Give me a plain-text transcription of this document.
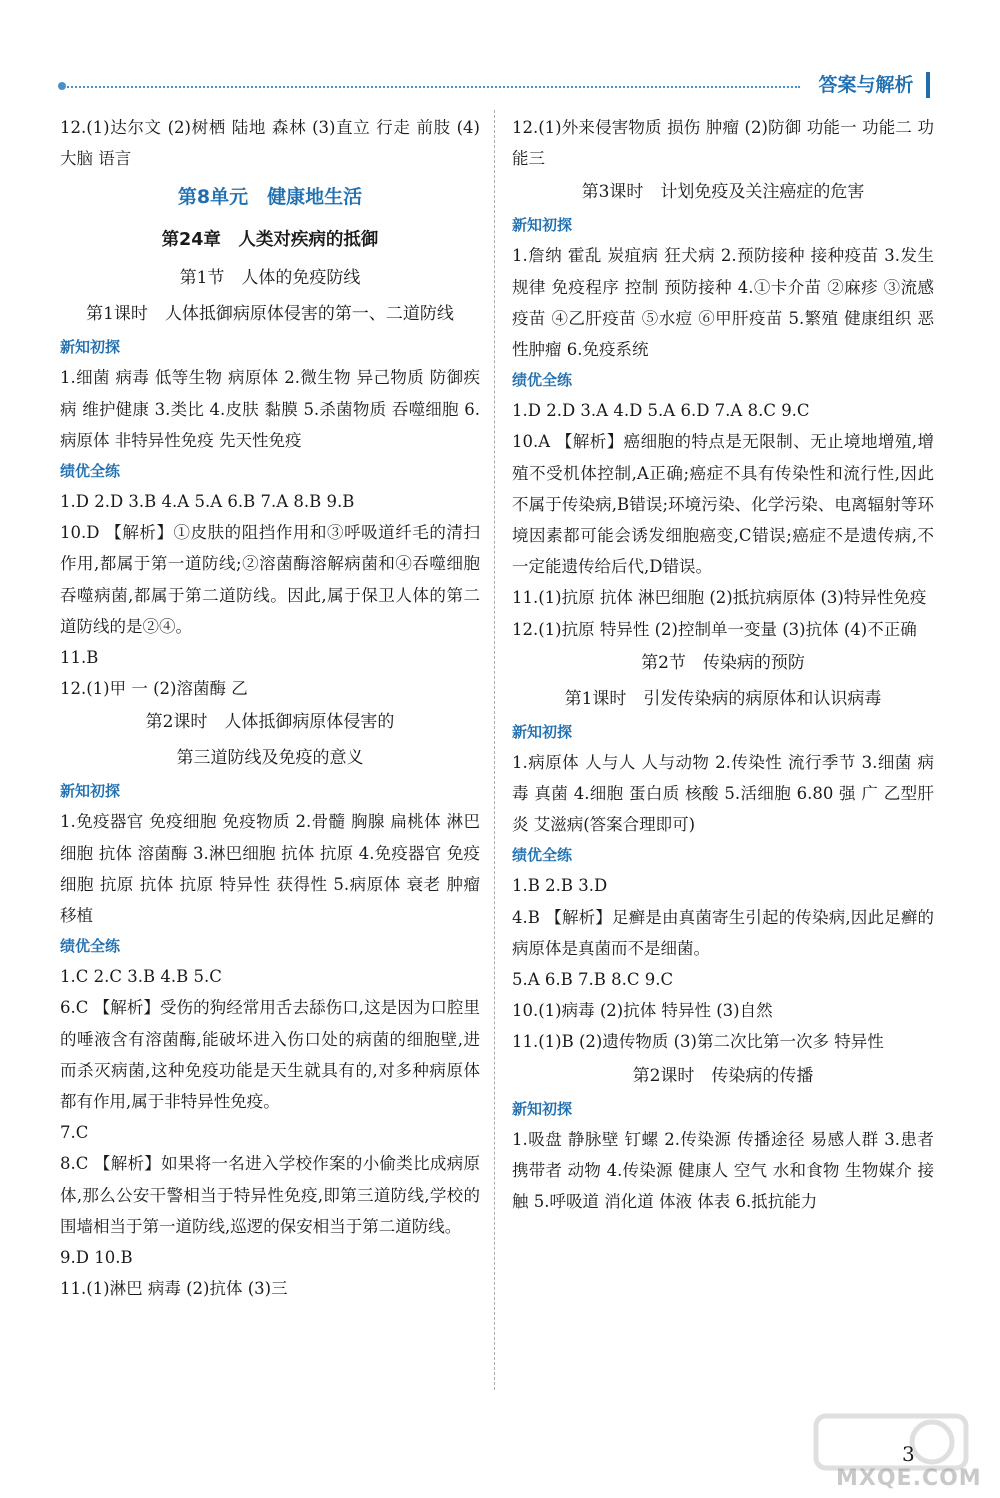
答案与解析
12.(1)达尔文 (2)树栖 陆地 森林 (3)直立 行走 前肢 (4)大脑 语言
第8单元　健康地生活
第24章　人类对疾病的抵御
第1节　人体的免疫防线
第1课时　人体抵御病原体侵害的第一、二道防线
新知初探
1.细菌 病毒 低等生物 病原体 2.微生物 异己物质 防御疾病 维护健康 3.类比 4.皮肤 黏膜 5.杀菌物质 吞噬细胞 6.病原体 非特异性免疫 先天性免疫
绩优全练
1.D 2.D 3.B 4.A 5.A 6.B 7.A 8.B 9.B
10.D 【解析】①皮肤的阻挡作用和③呼吸道纤毛的清扫作用,都属于第一道防线;②溶菌酶溶解病菌和④吞噬细胞吞噬病菌,都属于第二道防线。因此,属于保卫人体的第二道防线的是②④。
11.B
12.(1)甲 一 (2)溶菌酶 乙
第2课时　人体抵御病原体侵害的
第三道防线及免疫的意义
新知初探
1.免疫器官 免疫细胞 免疫物质 2.骨髓 胸腺 扁桃体 淋巴细胞 抗体 溶菌酶 3.淋巴细胞 抗体 抗原 4.免疫器官 免疫细胞 抗原 抗体 抗原 特异性 获得性 5.病原体 衰老 肿瘤 移植
绩优全练
1.C 2.C 3.B 4.B 5.C
6.C 【解析】受伤的狗经常用舌去舔伤口,这是因为口腔里的唾液含有溶菌酶,能破坏进入伤口处的病菌的细胞壁,进而杀灭病菌,这种免疫功能是天生就具有的,对多种病原体都有作用,属于非特异性免疫。
7.C
8.C 【解析】如果将一名进入学校作案的小偷类比成病原体,那么公安干警相当于特异性免疫,即第三道防线,学校的围墙相当于第一道防线,巡逻的保安相当于第二道防线。
9.D 10.B
11.(1)淋巴 病毒 (2)抗体 (3)三
12.(1)外来侵害物质 损伤 肿瘤 (2)防御 功能一 功能二 功能三
第3课时　计划免疫及关注癌症的危害
新知初探
1.詹纳 霍乱 炭疽病 狂犬病 2.预防接种 接种疫苗 3.发生规律 免疫程序 控制 预防接种 4.①卡介苗 ②麻疹 ③流感疫苗 ④乙肝疫苗 ⑤水痘 ⑥甲肝疫苗 5.繁殖 健康组织 恶性肿瘤 6.免疫系统
绩优全练
1.D 2.D 3.A 4.D 5.A 6.D 7.A 8.C 9.C
10.A 【解析】癌细胞的特点是无限制、无止境地增殖,增殖不受机体控制,A正确;癌症不具有传染性和流行性,因此不属于传染病,B错误;环境污染、化学污染、电离辐射等环境因素都可能会诱发细胞癌变,C错误;癌症不是遗传病,不一定能遗传给后代,D错误。
11.(1)抗原 抗体 淋巴细胞 (2)抵抗病原体 (3)特异性免疫
12.(1)抗原 特异性 (2)控制单一变量 (3)抗体 (4)不正确
第2节　传染病的预防
第1课时　引发传染病的病原体和认识病毒
新知初探
1.病原体 人与人 人与动物 2.传染性 流行季节 3.细菌 病毒 真菌 4.细胞 蛋白质 核酸 5.活细胞 6.80 强 广 乙型肝炎 艾滋病(答案合理即可)
绩优全练
1.B 2.B 3.D
4.B 【解析】足癣是由真菌寄生引起的传染病,因此足癣的病原体是真菌而不是细菌。
5.A 6.B 7.B 8.C 9.C
10.(1)病毒 (2)抗体 特异性 (3)自然
11.(1)B (2)遗传物质 (3)第二次比第一次多 特异性
第2课时　传染病的传播
新知初探
1.吸盘 静脉壁 钉螺 2.传染源 传播途径 易感人群 3.患者 携带者 动物 4.传染源 健康人 空气 水和食物 生物媒介 接触 5.呼吸道 消化道 体液 体表 6.抵抗能力
MXQE.COM
3
